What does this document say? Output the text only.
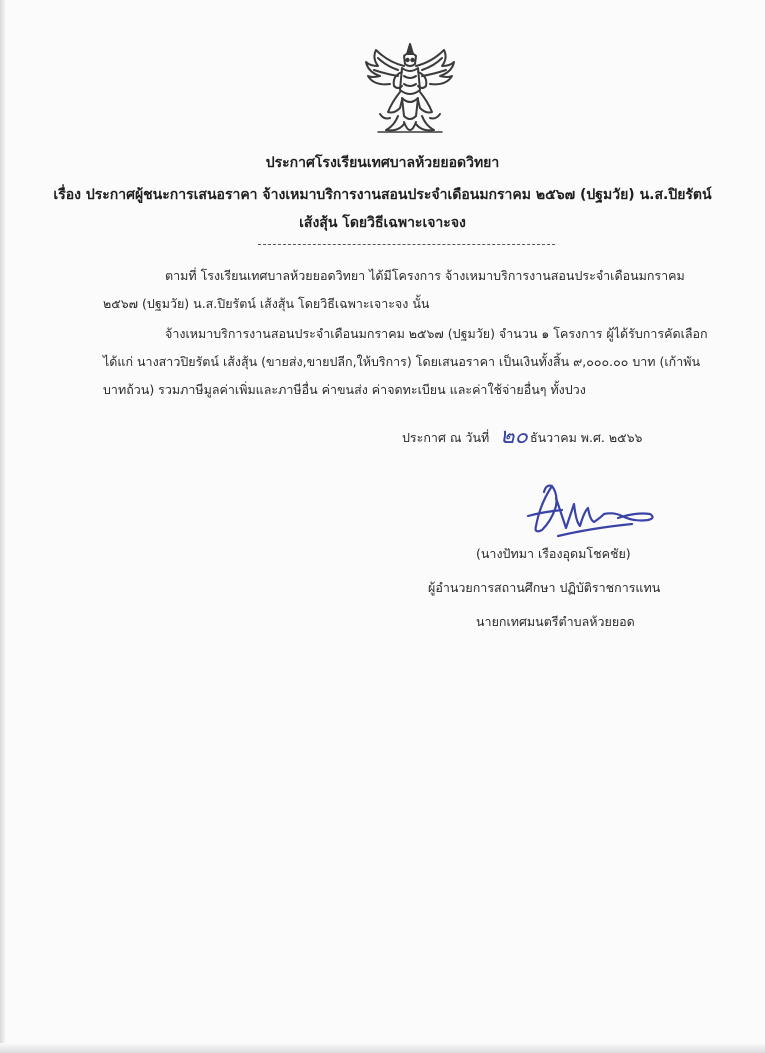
ประกาศโรงเรียนเทศบาลห้วยยอดวิทยา
เรื่อง ประกาศผู้ชนะการเสนอราคา จ้างเหมาบริการงานสอนประจำเดือนมกราคม ๒๕๖๗ (ปฐมวัย) น.ส.ปิยรัตน์
เส้งสุ้น โดยวิธีเฉพาะเจาะจง
ตามที่ โรงเรียนเทศบาลห้วยยอดวิทยา ได้มีโครงการ จ้างเหมาบริการงานสอนประจำเดือนมกราคม
๒๕๖๗ (ปฐมวัย) น.ส.ปิยรัตน์ เส้งสุ้น โดยวิธีเฉพาะเจาะจง นั้น
จ้างเหมาบริการงานสอนประจำเดือนมกราคม ๒๕๖๗ (ปฐมวัย) จำนวน ๑ โครงการ ผู้ได้รับการคัดเลือก
ได้แก่ นางสาวปิยรัตน์ เส้งสุ้น (ขายส่ง,ขายปลีก,ให้บริการ) โดยเสนอราคา เป็นเงินทั้งสิ้น ๙,๐๐๐.๐๐ บาท (เก้าพัน
บาทถ้วน) รวมภาษีมูลค่าเพิ่มและภาษีอื่น ค่าขนส่ง ค่าจดทะเบียน และค่าใช้จ่ายอื่นๆ ทั้งปวง
ประกาศ ณ วันที่ ๒๐ ธันวาคม พ.ศ. ๒๕๖๖
(นางปัทมา เรืองอุดมโชคชัย)
ผู้อำนวยการสถานศึกษา ปฏิบัติราชการแทน
นายกเทศมนตรีตำบลห้วยยอด
